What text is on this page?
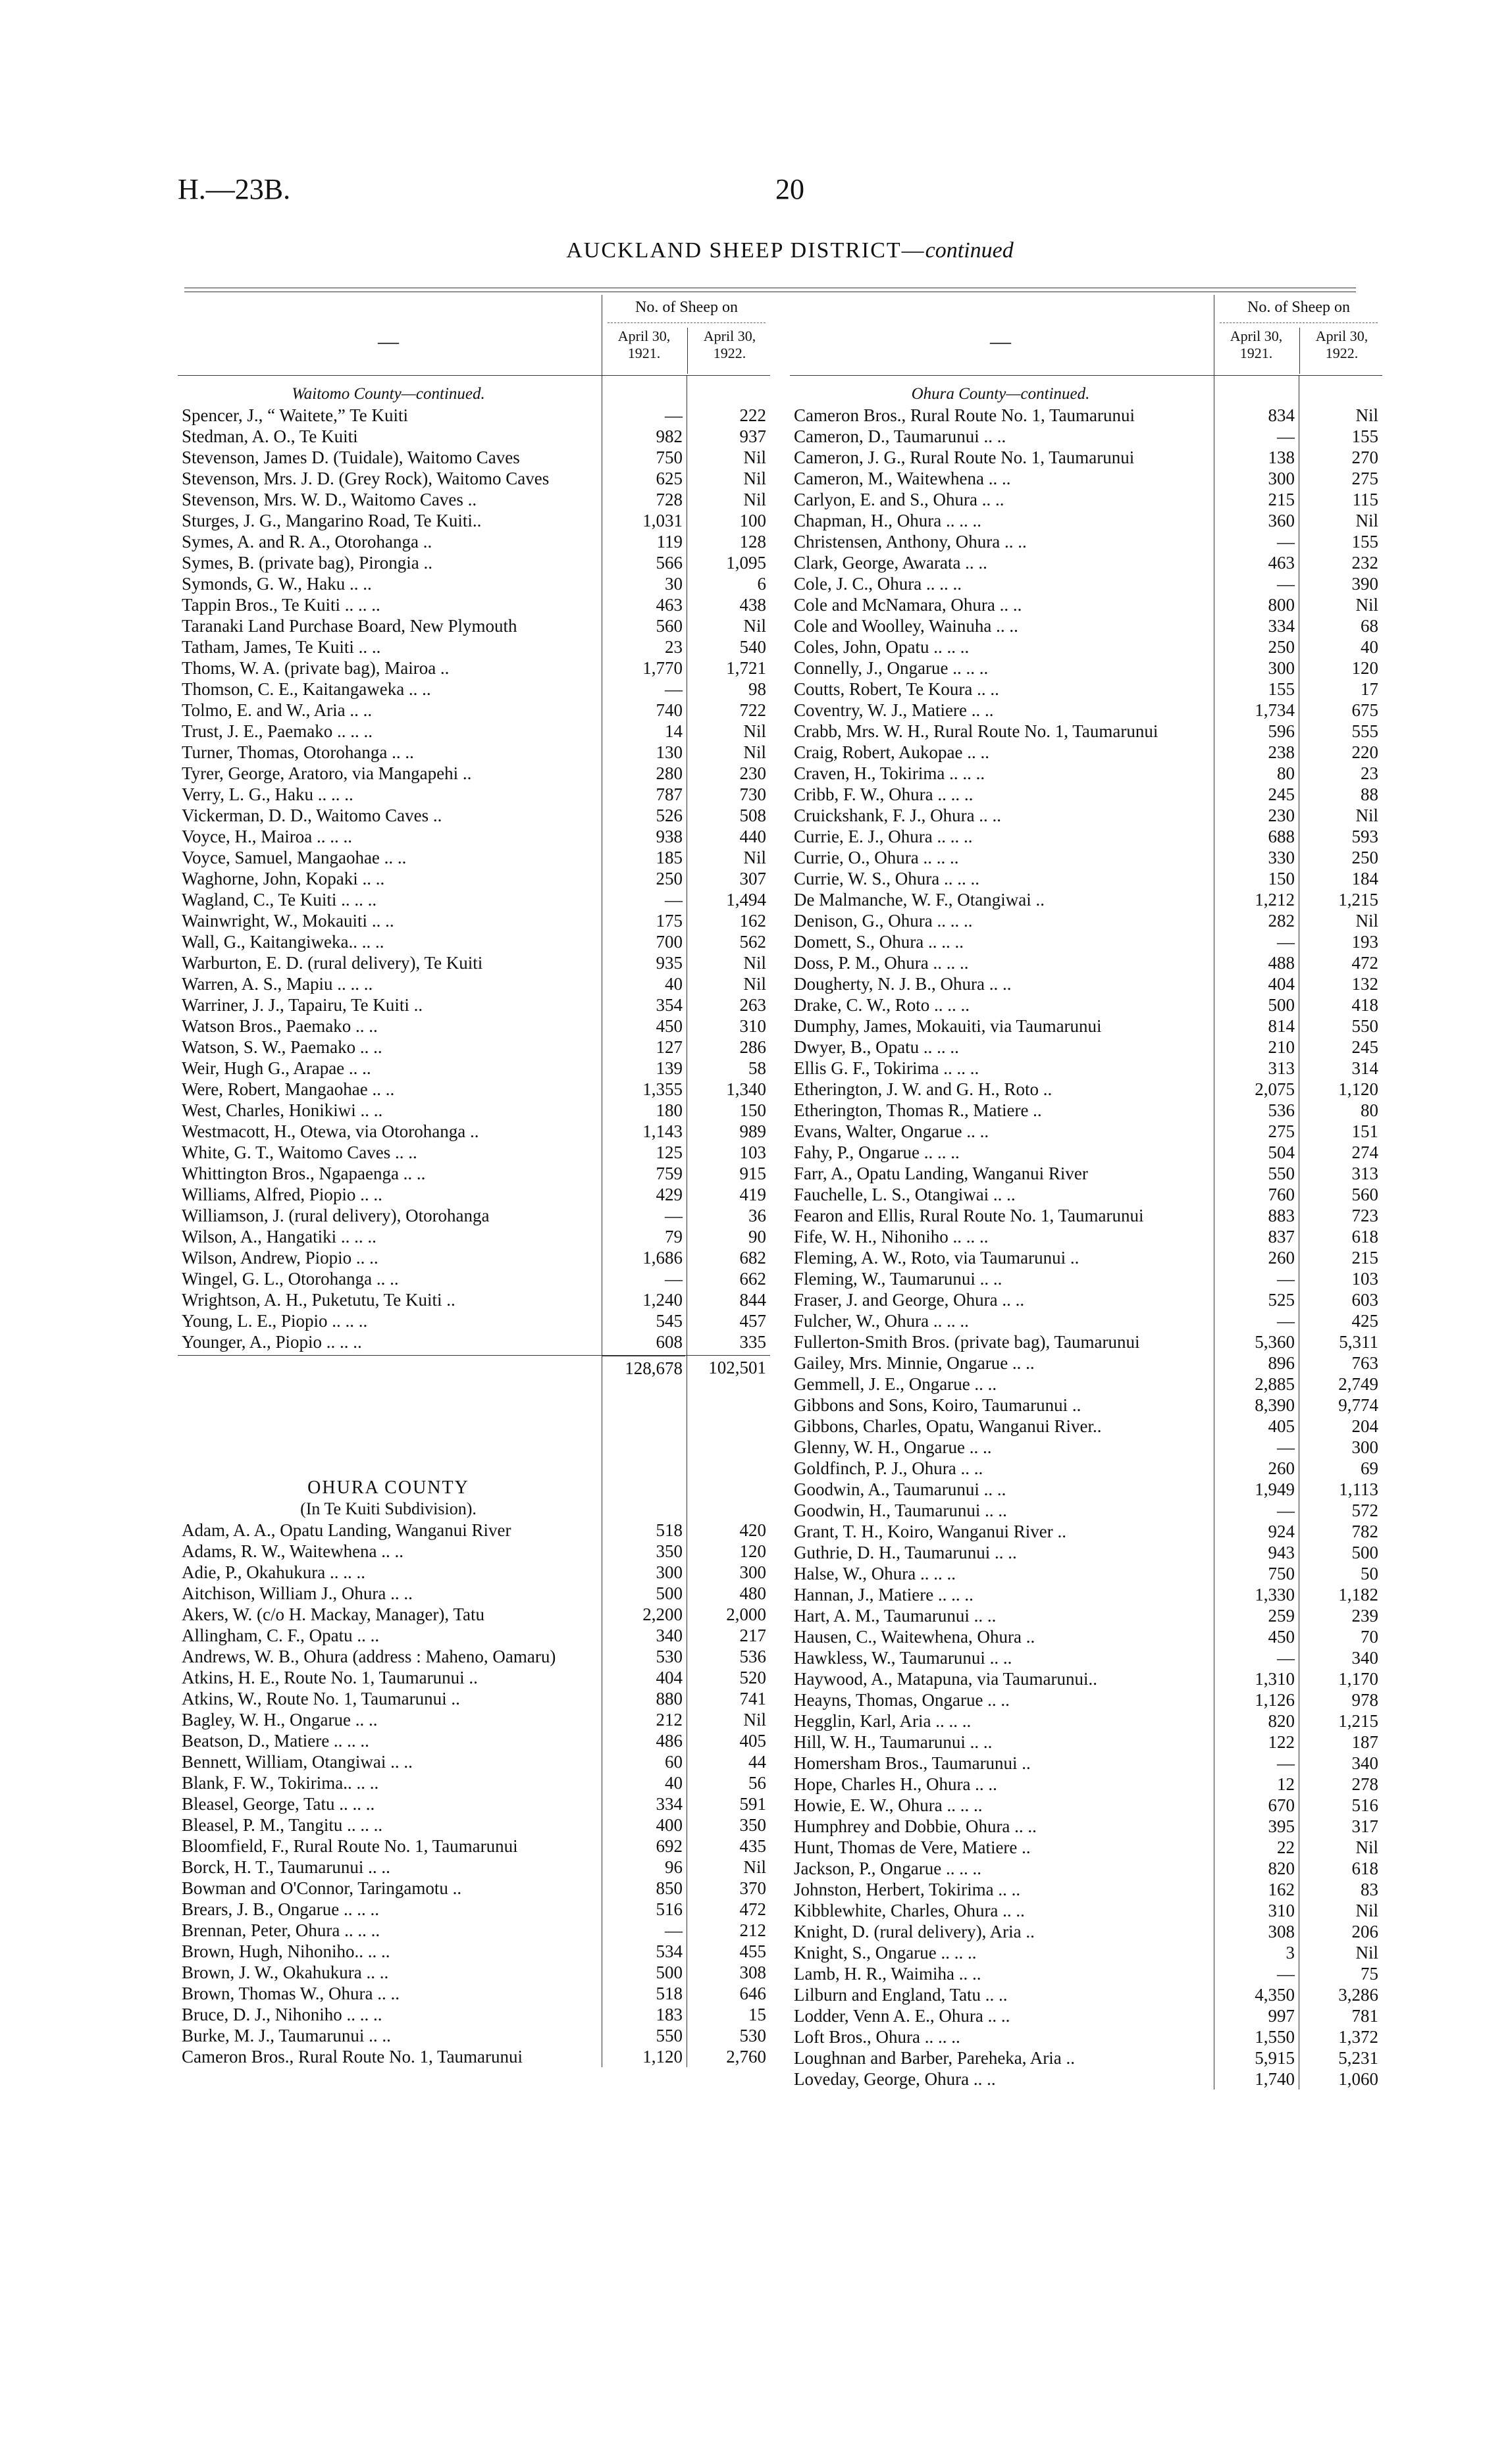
H.—23B.	20
AUCKLAND SHEEP DISTRICT—continued
—
No. of Sheep on
April 30, 1921.
April 30, 1922.
Waitomo County—continued.
Spencer, J., “ Waitete,” Te Kuiti	—	222
Stedman, A. O., Te Kuiti	982	937
Stevenson, James D. (Tuidale), Waitomo Caves	750	Nil
Stevenson, Mrs. J. D. (Grey Rock), Waitomo Caves	625	Nil
Stevenson, Mrs. W. D., Waitomo Caves ..	728	Nil
Sturges, J. G., Mangarino Road, Te Kuiti..	1,031	100
Symes, A. and R. A., Otorohanga ..	119	128
Symes, B. (private bag), Pirongia ..	566	1,095
Symonds, G. W., Haku .. ..	30	6
Tappin Bros., Te Kuiti .. .. ..	463	438
Taranaki Land Purchase Board, New Plymouth	560	Nil
Tatham, James, Te Kuiti .. ..	23	540
Thoms, W. A. (private bag), Mairoa ..	1,770	1,721
Thomson, C. E., Kaitangaweka .. ..	—	98
Tolmo, E. and W., Aria .. ..	740	722
Trust, J. E., Paemako .. .. ..	14	Nil
Turner, Thomas, Otorohanga .. ..	130	Nil
Tyrer, George, Aratoro, via Mangapehi ..	280	230
Verry, L. G., Haku .. .. ..	787	730
Vickerman, D. D., Waitomo Caves ..	526	508
Voyce, H., Mairoa .. .. ..	938	440
Voyce, Samuel, Mangaohae .. ..	185	Nil
Waghorne, John, Kopaki .. ..	250	307
Wagland, C., Te Kuiti .. .. ..	—	1,494
Wainwright, W., Mokauiti .. ..	175	162
Wall, G., Kaitangiweka.. .. ..	700	562
Warburton, E. D. (rural delivery), Te Kuiti	935	Nil
Warren, A. S., Mapiu .. .. ..	40	Nil
Warriner, J. J., Tapairu, Te Kuiti ..	354	263
Watson Bros., Paemako .. ..	450	310
Watson, S. W., Paemako .. ..	127	286
Weir, Hugh G., Arapae .. ..	139	58
Were, Robert, Mangaohae .. ..	1,355	1,340
West, Charles, Honikiwi .. ..	180	150
Westmacott, H., Otewa, via Otorohanga ..	1,143	989
White, G. T., Waitomo Caves .. ..	125	103
Whittington Bros., Ngapaenga .. ..	759	915
Williams, Alfred, Piopio .. ..	429	419
Williamson, J. (rural delivery), Otorohanga	—	36
Wilson, A., Hangatiki .. .. ..	79	90
Wilson, Andrew, Piopio .. ..	1,686	682
Wingel, G. L., Otorohanga .. ..	—	662
Wrightson, A. H., Puketutu, Te Kuiti ..	1,240	844
Young, L. E., Piopio .. .. ..	545	457
Younger, A., Piopio .. .. ..	608	335
128,678	102,501
OHURA COUNTY
(In Te Kuiti Subdivision).
Adam, A. A., Opatu Landing, Wanganui River	518	420
Adams, R. W., Waitewhena .. ..	350	120
Adie, P., Okahukura .. .. ..	300	300
Aitchison, William J., Ohura .. ..	500	480
Akers, W. (c/o H. Mackay, Manager), Tatu	2,200	2,000
Allingham, C. F., Opatu .. ..	340	217
Andrews, W. B., Ohura (address : Maheno, Oamaru)	530	536
Atkins, H. E., Route No. 1, Taumarunui ..	404	520
Atkins, W., Route No. 1, Taumarunui ..	880	741
Bagley, W. H., Ongarue .. ..	212	Nil
Beatson, D., Matiere .. .. ..	486	405
Bennett, William, Otangiwai .. ..	60	44
Blank, F. W., Tokirima.. .. ..	40	56
Bleasel, George, Tatu .. .. ..	334	591
Bleasel, P. M., Tangitu .. .. ..	400	350
Bloomfield, F., Rural Route No. 1, Taumarunui	692	435
Borck, H. T., Taumarunui .. ..	96	Nil
Bowman and O'Connor, Taringamotu ..	850	370
Brears, J. B., Ongarue .. .. ..	516	472
Brennan, Peter, Ohura .. .. ..	—	212
Brown, Hugh, Nihoniho.. .. ..	534	455
Brown, J. W., Okahukura .. ..	500	308
Brown, Thomas W., Ohura .. ..	518	646
Bruce, D. J., Nihoniho .. .. ..	183	15
Burke, M. J., Taumarunui .. ..	550	530
Cameron Bros., Rural Route No. 1, Taumarunui	1,120	2,760
—
No. of Sheep on
April 30, 1921.
April 30, 1922.
Ohura County—continued.
Cameron Bros., Rural Route No. 1, Taumarunui	834	Nil
Cameron, D., Taumarunui .. ..	—	155
Cameron, J. G., Rural Route No. 1, Taumarunui	138	270
Cameron, M., Waitewhena .. ..	300	275
Carlyon, E. and S., Ohura .. ..	215	115
Chapman, H., Ohura .. .. ..	360	Nil
Christensen, Anthony, Ohura .. ..	—	155
Clark, George, Awarata .. ..	463	232
Cole, J. C., Ohura .. .. ..	—	390
Cole and McNamara, Ohura .. ..	800	Nil
Cole and Woolley, Wainuha .. ..	334	68
Coles, John, Opatu .. .. ..	250	40
Connelly, J., Ongarue .. .. ..	300	120
Coutts, Robert, Te Koura .. ..	155	17
Coventry, W. J., Matiere .. ..	1,734	675
Crabb, Mrs. W. H., Rural Route No. 1, Taumarunui	596	555
Craig, Robert, Aukopae .. ..	238	220
Craven, H., Tokirima .. .. ..	80	23
Cribb, F. W., Ohura .. .. ..	245	88
Cruickshank, F. J., Ohura .. ..	230	Nil
Currie, E. J., Ohura .. .. ..	688	593
Currie, O., Ohura .. .. ..	330	250
Currie, W. S., Ohura .. .. ..	150	184
De Malmanche, W. F., Otangiwai ..	1,212	1,215
Denison, G., Ohura .. .. ..	282	Nil
Domett, S., Ohura .. .. ..	—	193
Doss, P. M., Ohura .. .. ..	488	472
Dougherty, N. J. B., Ohura .. ..	404	132
Drake, C. W., Roto .. .. ..	500	418
Dumphy, James, Mokauiti, via Taumarunui	814	550
Dwyer, B., Opatu .. .. ..	210	245
Ellis G. F., Tokirima .. .. ..	313	314
Etherington, J. W. and G. H., Roto ..	2,075	1,120
Etherington, Thomas R., Matiere ..	536	80
Evans, Walter, Ongarue .. ..	275	151
Fahy, P., Ongarue .. .. ..	504	274
Farr, A., Opatu Landing, Wanganui River	550	313
Fauchelle, L. S., Otangiwai .. ..	760	560
Fearon and Ellis, Rural Route No. 1, Taumarunui	883	723
Fife, W. H., Nihoniho .. .. ..	837	618
Fleming, A. W., Roto, via Taumarunui ..	260	215
Fleming, W., Taumarunui .. ..	—	103
Fraser, J. and George, Ohura .. ..	525	603
Fulcher, W., Ohura .. .. ..	—	425
Fullerton-Smith Bros. (private bag), Taumarunui	5,360	5,311
Gailey, Mrs. Minnie, Ongarue .. ..	896	763
Gemmell, J. E., Ongarue .. ..	2,885	2,749
Gibbons and Sons, Koiro, Taumarunui ..	8,390	9,774
Gibbons, Charles, Opatu, Wanganui River..	405	204
Glenny, W. H., Ongarue .. ..	—	300
Goldfinch, P. J., Ohura .. ..	260	69
Goodwin, A., Taumarunui .. ..	1,949	1,113
Goodwin, H., Taumarunui .. ..	—	572
Grant, T. H., Koiro, Wanganui River ..	924	782
Guthrie, D. H., Taumarunui .. ..	943	500
Halse, W., Ohura .. .. ..	750	50
Hannan, J., Matiere .. .. ..	1,330	1,182
Hart, A. M., Taumarunui .. ..	259	239
Hausen, C., Waitewhena, Ohura ..	450	70
Hawkless, W., Taumarunui .. ..	—	340
Haywood, A., Matapuna, via Taumarunui..	1,310	1,170
Heayns, Thomas, Ongarue .. ..	1,126	978
Hegglin, Karl, Aria .. .. ..	820	1,215
Hill, W. H., Taumarunui .. ..	122	187
Homersham Bros., Taumarunui ..	—	340
Hope, Charles H., Ohura .. ..	12	278
Howie, E. W., Ohura .. .. ..	670	516
Humphrey and Dobbie, Ohura .. ..	395	317
Hunt, Thomas de Vere, Matiere ..	22	Nil
Jackson, P., Ongarue .. .. ..	820	618
Johnston, Herbert, Tokirima .. ..	162	83
Kibblewhite, Charles, Ohura .. ..	310	Nil
Knight, D. (rural delivery), Aria ..	308	206
Knight, S., Ongarue .. .. ..	3	Nil
Lamb, H. R., Waimiha .. ..	—	75
Lilburn and England, Tatu .. ..	4,350	3,286
Lodder, Venn A. E., Ohura .. ..	997	781
Loft Bros., Ohura .. .. ..	1,550	1,372
Loughnan and Barber, Pareheka, Aria ..	5,915	5,231
Loveday, George, Ohura .. ..	1,740	1,060
